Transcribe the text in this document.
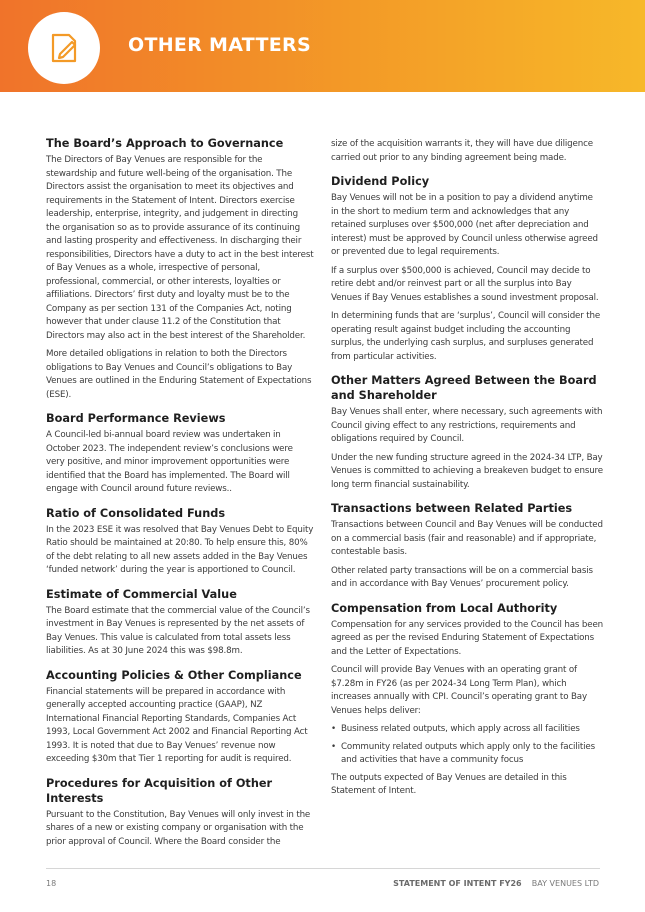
OTHER MATTERS
The Board’s Approach to Governance

The Directors of Bay Venues are responsible for the stewardship and future well-being of the organisation. The Directors assist the organisation to meet its objectives and requirements in the Statement of Intent. Directors exercise leadership, enterprise, integrity, and judgement in directing the organisation so as to provide assurance of its continuing and lasting prosperity and effectiveness. In discharging their responsibilities, Directors have a duty to act in the best interest of Bay Venues as a whole, irrespective of personal, professional, commercial, or other interests, loyalties or affiliations. Directors’ first duty and loyalty must be to the Company as per section 131 of the Companies Act, noting however that under clause 11.2 of the Constitution that Directors may also act in the best interest of the Shareholder.

More detailed obligations in relation to both the Directors obligations to Bay Venues and Council’s obligations to Bay Venues are outlined in the Enduring Statement of Expectations (ESE).

Board Performance Reviews

A Council-led bi-annual board review was undertaken in October 2023. The independent review’s conclusions were very positive, and minor improvement opportunities were identified that the Board has implemented. The Board will engage with Council around future reviews..

Ratio of Consolidated Funds

In the 2023 ESE it was resolved that Bay Venues Debt to Equity Ratio should be maintained at 20:80. To help ensure this, 80% of the debt relating to all new assets added in the Bay Venues ‘funded network’ during the year is apportioned to Council.

Estimate of Commercial Value

The Board estimate that the commercial value of the Council’s investment in Bay Venues is represented by the net assets of Bay Venues. This value is calculated from total assets less liabilities. As at 30 June 2024 this was $98.8m.

Accounting Policies & Other Compliance

Financial statements will be prepared in accordance with generally accepted accounting practice (GAAP), NZ International Financial Reporting Standards, Companies Act 1993, Local Government Act 2002 and Financial Reporting Act 1993. It is noted that due to Bay Venues’ revenue now exceeding $30m that Tier 1 reporting for audit is required.

Procedures for Acquisition of Other Interests

Pursuant to the Constitution, Bay Venues will only invest in the shares of a new or existing company or organisation with the prior approval of Council. Where the Board consider the

size of the acquisition warrants it, they will have due diligence carried out prior to any binding agreement being made.

Dividend Policy

Bay Venues will not be in a position to pay a dividend anytime in the short to medium term and acknowledges that any retained surpluses over $500,000 (net after depreciation and interest) must be approved by Council unless otherwise agreed or prevented due to legal requirements.

If a surplus over $500,000 is achieved, Council may decide to retire debt and/or reinvest part or all the surplus into Bay Venues if Bay Venues establishes a sound investment proposal.

In determining funds that are ‘surplus’, Council will consider the operating result against budget including the accounting surplus, the underlying cash surplus, and surpluses generated from particular activities.

Other Matters Agreed Between the Board and Shareholder

Bay Venues shall enter, where necessary, such agreements with Council giving effect to any restrictions, requirements and obligations required by Council.

Under the new funding structure agreed in the 2024-34 LTP, Bay Venues is committed to achieving a breakeven budget to ensure long term financial sustainability.

Transactions between Related Parties

Transactions between Council and Bay Venues will be conducted on a commercial basis (fair and reasonable) and if appropriate, contestable basis.

Other related party transactions will be on a commercial basis and in accordance with Bay Venues’ procurement policy.

Compensation from Local Authority

Compensation for any services provided to the Council has been agreed as per the revised Enduring Statement of Expectations and the Letter of Expectations.

Council will provide Bay Venues with an operating grant of $7.28m in FY26 (as per 2024-34 Long Term Plan), which increases annually with CPI. Council’s operating grant to Bay Venues helps deliver:

• Business related outputs, which apply across all facilities
• Community related outputs which apply only to the facilities and activities that have a community focus

The outputs expected of Bay Venues are detailed in this Statement of Intent.

18	STATEMENT OF INTENT FY26 BAY VENUES LTD
